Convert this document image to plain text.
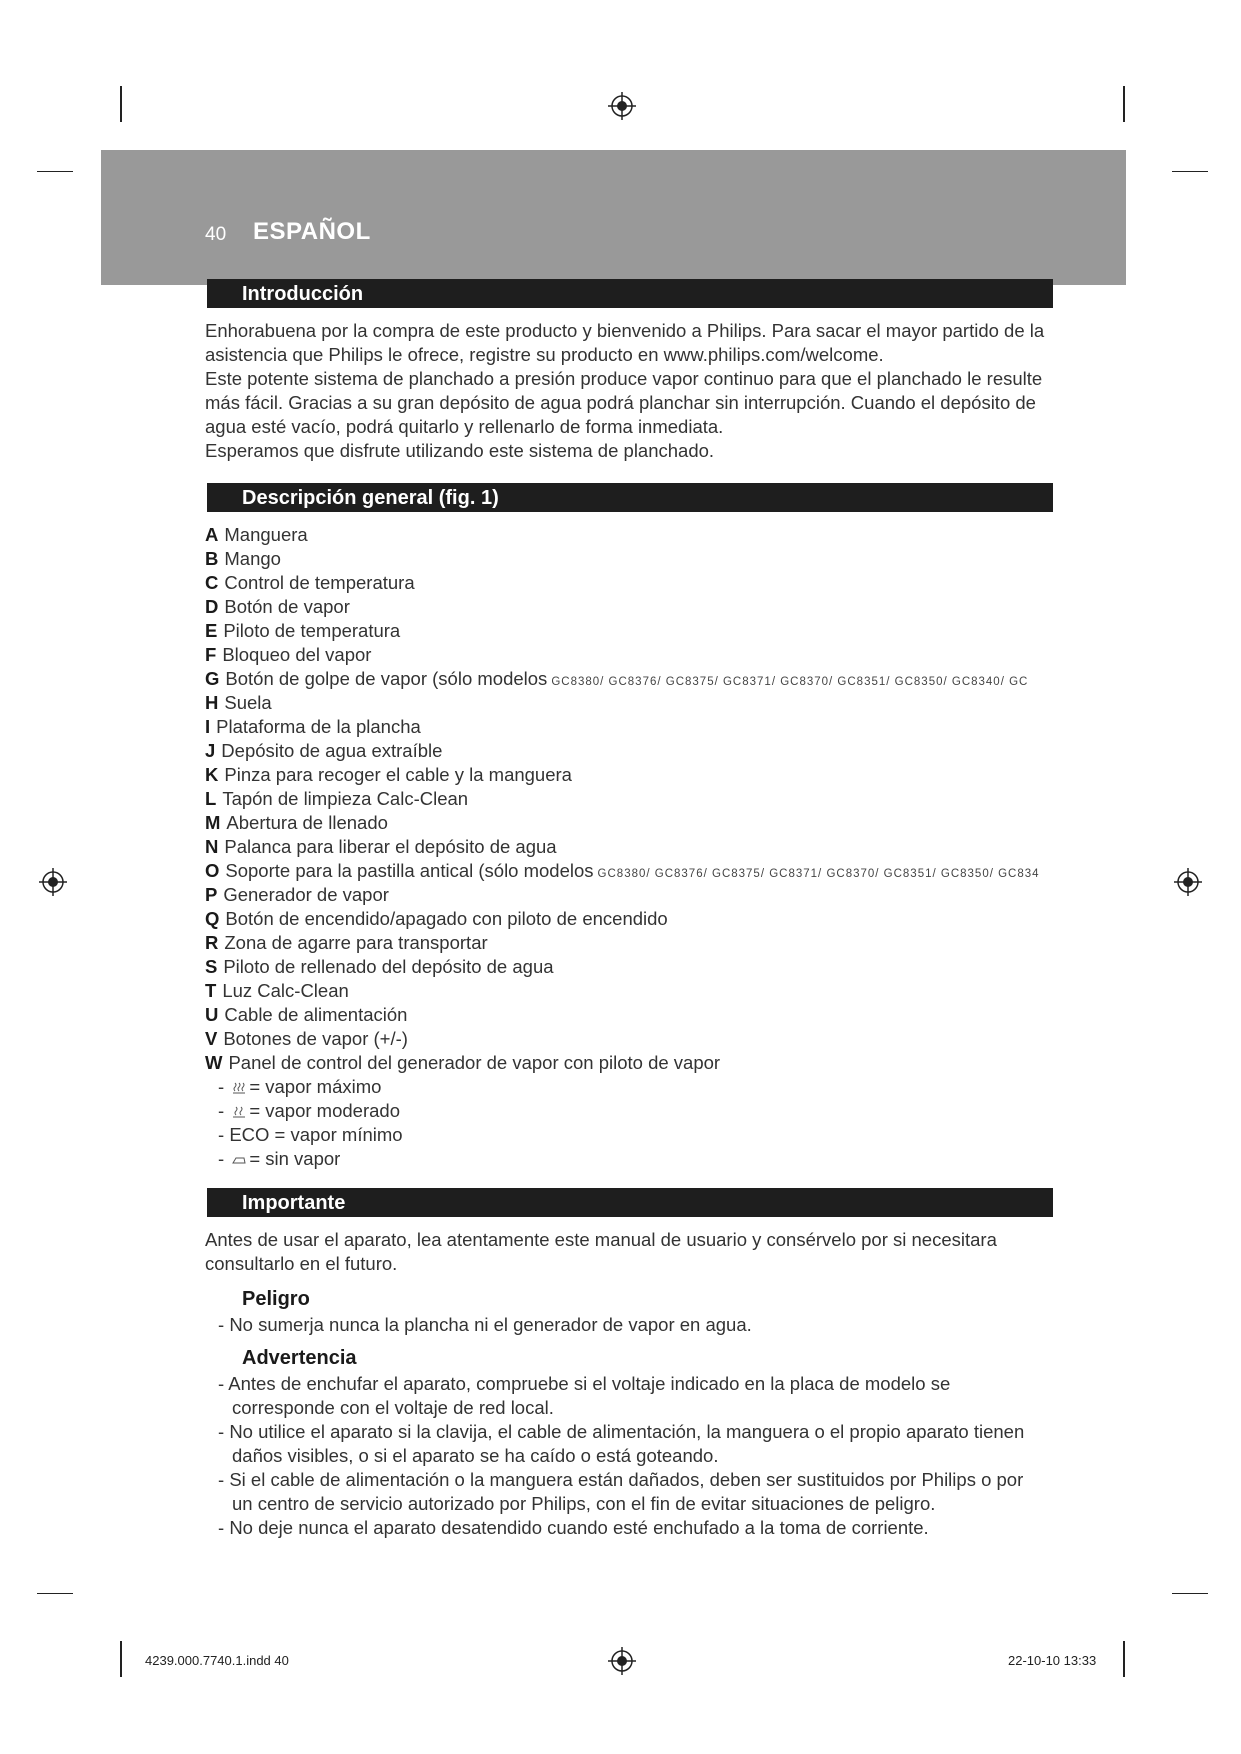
40 ESPAÑOL
Introducción

Enhorabuena por la compra de este producto y bienvenido a Philips. Para sacar el mayor partido de la asistencia que Philips le ofrece, registre su producto en www.philips.com/welcome.

Este potente sistema de planchado a presión produce vapor continuo para que el planchado le resulte más fácil. Gracias a su gran depósito de agua podrá planchar sin interrupción. Cuando el depósito de agua esté vacío, podrá quitarlo y rellenarlo de forma inmediata.

Esperamos que disfrute utilizando este sistema de planchado.

Descripción general (fig. 1)
A Manguera
B Mango
C Control de temperatura
D Botón de vapor
E Piloto de temperatura
F Bloqueo del vapor
G Botón de golpe de vapor (sólo modelos GC8380/ GC8376/ GC8375/ GC8371/ GC8370/ GC8351/ GC8350/ GC8340/ GC
H Suela
I Plataforma de la plancha
J Depósito de agua extraíble
K Pinza para recoger el cable y la manguera
L Tapón de limpieza Calc-Clean
M Abertura de llenado
N Palanca para liberar el depósito de agua
O Soporte para la pastilla antical (sólo modelos GC8380/ GC8376/ GC8375/ GC8371/ GC8370/ GC8351/ GC8350/ GC834
P Generador de vapor
Q Botón de encendido/apagado con piloto de encendido
R Zona de agarre para transportar
S Piloto de rellenado del depósito de agua
T Luz Calc-Clean
U Cable de alimentación
V Botones de vapor (+/-)
W Panel de control del generador de vapor con piloto de vapor
- = vapor máximo
- = vapor moderado
- ECO = vapor mínimo
- = sin vapor
Importante
Antes de usar el aparato, lea atentamente este manual de usuario y consérvelo por si necesitara consultarlo en el futuro.
Peligro
- No sumerja nunca la plancha ni el generador de vapor en agua.
Advertencia
- Antes de enchufar el aparato, compruebe si el voltaje indicado en la placa de modelo se corresponde con el voltaje de red local.
- No utilice el aparato si la clavija, el cable de alimentación, la manguera o el propio aparato tienen daños visibles, o si el aparato se ha caído o está goteando.
- Si el cable de alimentación o la manguera están dañados, deben ser sustituidos por Philips o por un centro de servicio autorizado por Philips, con el fin de evitar situaciones de peligro.
- No deje nunca el aparato desatendido cuando esté enchufado a la toma de corriente.
4239.000.7740.1.indd 40	22-10-10 13:33
